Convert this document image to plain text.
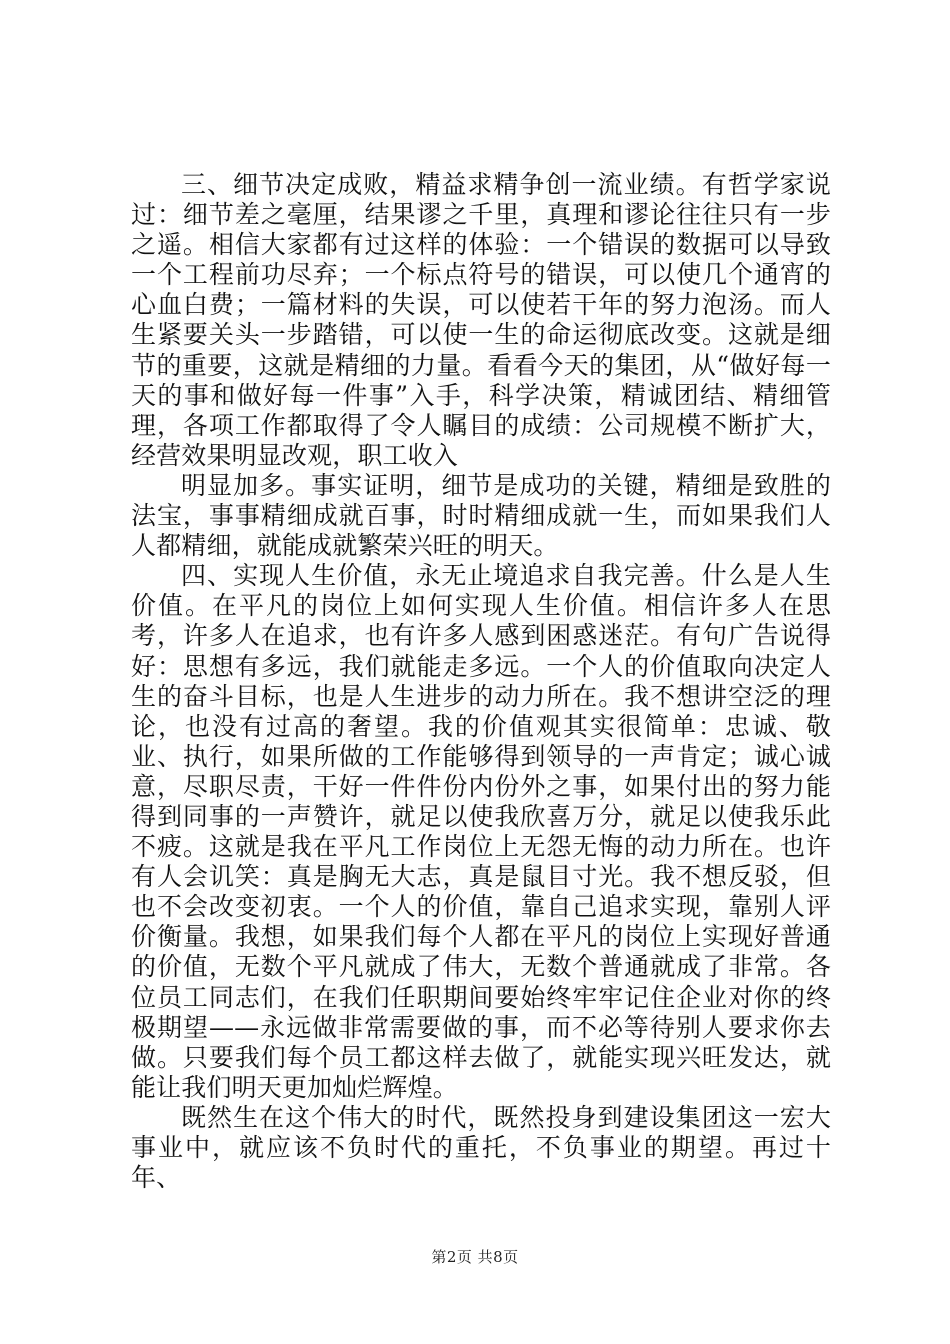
三、细节决定成败，精益求精争创一流业绩。有哲学家说过：细节差之毫厘，结果谬之千里，真理和谬论往往只有一步之遥。相信大家都有过这样的体验：一个错误的数据可以导致一个工程前功尽弃；一个标点符号的错误，可以使几个通宵的心血白费；一篇材料的失误，可以使若干年的努力泡汤。而人生紧要关头一步踏错，可以使一生的命运彻底改变。这就是细节的重要，这就是精细的力量。看看今天的集团，从“做好每一天的事和做好每一件事”入手，科学决策，精诚团结、精细管理，各项工作都取得了令人瞩目的成绩：公司规模不断扩大，经营效果明显改观，职工收入

明显加多。事实证明，细节是成功的关键，精细是致胜的法宝，事事精细成就百事，时时精细成就一生，而如果我们人人都精细，就能成就繁荣兴旺的明天。

四、实现人生价值，永无止境追求自我完善。什么是人生价值。在平凡的岗位上如何实现人生价值。相信许多人在思考，许多人在追求，也有许多人感到困惑迷茫。有句广告说得好：思想有多远，我们就能走多远。一个人的价值取向决定人生的奋斗目标，也是人生进步的动力所在。我不想讲空泛的理论，也没有过高的奢望。我的价值观其实很简单：忠诚、敬业、执行，如果所做的工作能够得到领导的一声肯定；诚心诚意，尽职尽责，干好一件件份内份外之事，如果付出的努力能得到同事的一声赞许，就足以使我欣喜万分，就足以使我乐此不疲。这就是我在平凡工作岗位上无怨无悔的动力所在。也许有人会讥笑：真是胸无大志，真是鼠目寸光。我不想反驳，但也不会改变初衷。一个人的价值，靠自己追求实现，靠别人评价衡量。我想，如果我们每个人都在平凡的岗位上实现好普通的价值，无数个平凡就成了伟大，无数个普通就成了非常。各位员工同志们，在我们任职期间要始终牢牢记住企业对你的终极期望——永远做非常需要做的事，而不必等待别人要求你去做。只要我们每个员工都这样去做了，就能实现兴旺发达，就能让我们明天更加灿烂辉煌。

既然生在这个伟大的时代，既然投身到建设集团这一宏大事业中，就应该不负时代的重托，不负事业的期望。再过十年、

第2页 共8页
